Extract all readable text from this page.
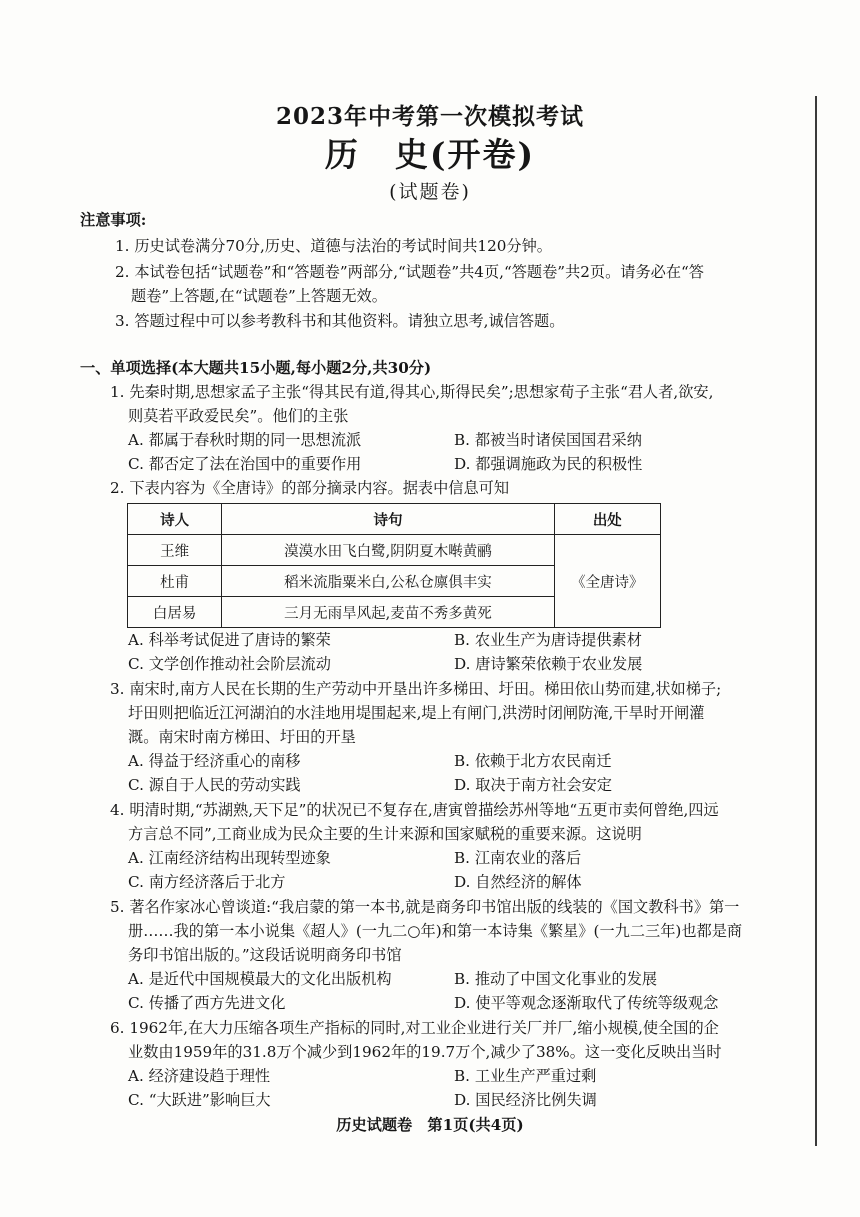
2023年中考第一次模拟考试
历　史(开卷)
(试题卷)
注意事项:
1. 历史试卷满分70分,历史、道德与法治的考试时间共120分钟。
2. 本试卷包括“试题卷”和“答题卷”两部分,“试题卷”共4页,“答题卷”共2页。请务必在“答
题卷”上答题,在“试题卷”上答题无效。
3. 答题过程中可以参考教科书和其他资料。请独立思考,诚信答题。
一、单项选择(本大题共15小题,每小题2分,共30分)
1. 先秦时期,思想家孟子主张“得其民有道,得其心,斯得民矣”;思想家荀子主张“君人者,欲安,
则莫若平政爱民矣”。他们的主张
A. 都属于春秋时期的同一思想流派	B. 都被当时诸侯国国君采纳
C. 都否定了法在治国中的重要作用	D. 都强调施政为民的积极性
2. 下表内容为《全唐诗》的部分摘录内容。据表中信息可知
诗人	诗句	出处
王维	漠漠水田飞白鹭,阴阴夏木啭黄鹂	《全唐诗》
杜甫	稻米流脂粟米白,公私仓廪俱丰实	
白居易	三月无雨旱风起,麦苗不秀多黄死	
A. 科举考试促进了唐诗的繁荣	B. 农业生产为唐诗提供素材
C. 文学创作推动社会阶层流动	D. 唐诗繁荣依赖于农业发展
3. 南宋时,南方人民在长期的生产劳动中开垦出许多梯田、圩田。梯田依山势而建,状如梯子;
圩田则把临近江河湖泊的水洼地用堤围起来,堤上有闸门,洪涝时闭闸防淹,干旱时开闸灌
溉。南宋时南方梯田、圩田的开垦
A. 得益于经济重心的南移	B. 依赖于北方农民南迁
C. 源自于人民的劳动实践	D. 取决于南方社会安定
4. 明清时期,“苏湖熟,天下足”的状况已不复存在,唐寅曾描绘苏州等地“五更市卖何曾绝,四远
方言总不同”,工商业成为民众主要的生计来源和国家赋税的重要来源。这说明
A. 江南经济结构出现转型迹象	B. 江南农业的落后
C. 南方经济落后于北方	D. 自然经济的解体
5. 著名作家冰心曾谈道:“我启蒙的第一本书,就是商务印书馆出版的线装的《国文教科书》第一
册……我的第一本小说集《超人》(一九二○年)和第一本诗集《繁星》(一九二三年)也都是商
务印书馆出版的。”这段话说明商务印书馆
A. 是近代中国规模最大的文化出版机构	B. 推动了中国文化事业的发展
C. 传播了西方先进文化	D. 使平等观念逐渐取代了传统等级观念
6. 1962年,在大力压缩各项生产指标的同时,对工业企业进行关厂并厂,缩小规模,使全国的企
业数由1959年的31.8万个减少到1962年的19.7万个,减少了38%。这一变化反映出当时
A. 经济建设趋于理性	B. 工业生产严重过剩
C. “大跃进”影响巨大	D. 国民经济比例失调
历史试题卷　第1页(共4页)
